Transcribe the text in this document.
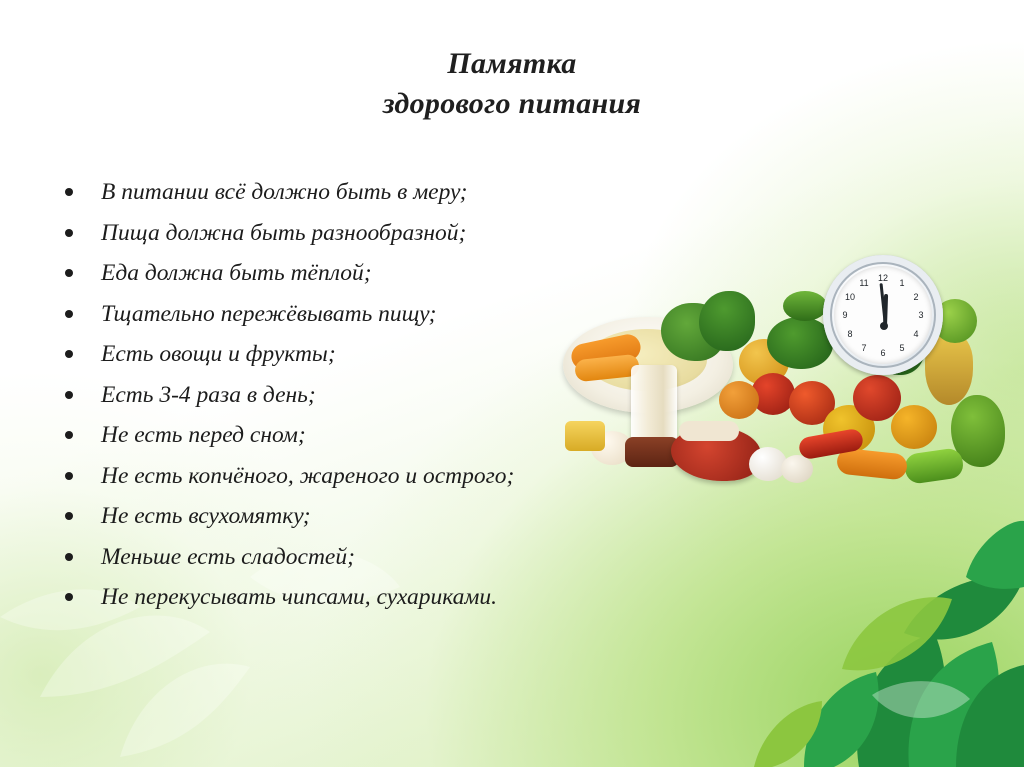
Памятка
здорового питания
12 1
2
3
4
5
6
7
8
9
10
11
В питании всё должно быть в меру;
Пища должна быть разнообразной;
Еда должна быть тёплой;
Тщательно пережёвывать пищу;
Есть овощи и фрукты;
Есть 3-4 раза в день;
Не есть перед сном;
Не есть копчёного, жареного и острого;
Не есть всухомятку;
Меньше есть сладостей;
Не перекусывать чипсами, сухариками.
